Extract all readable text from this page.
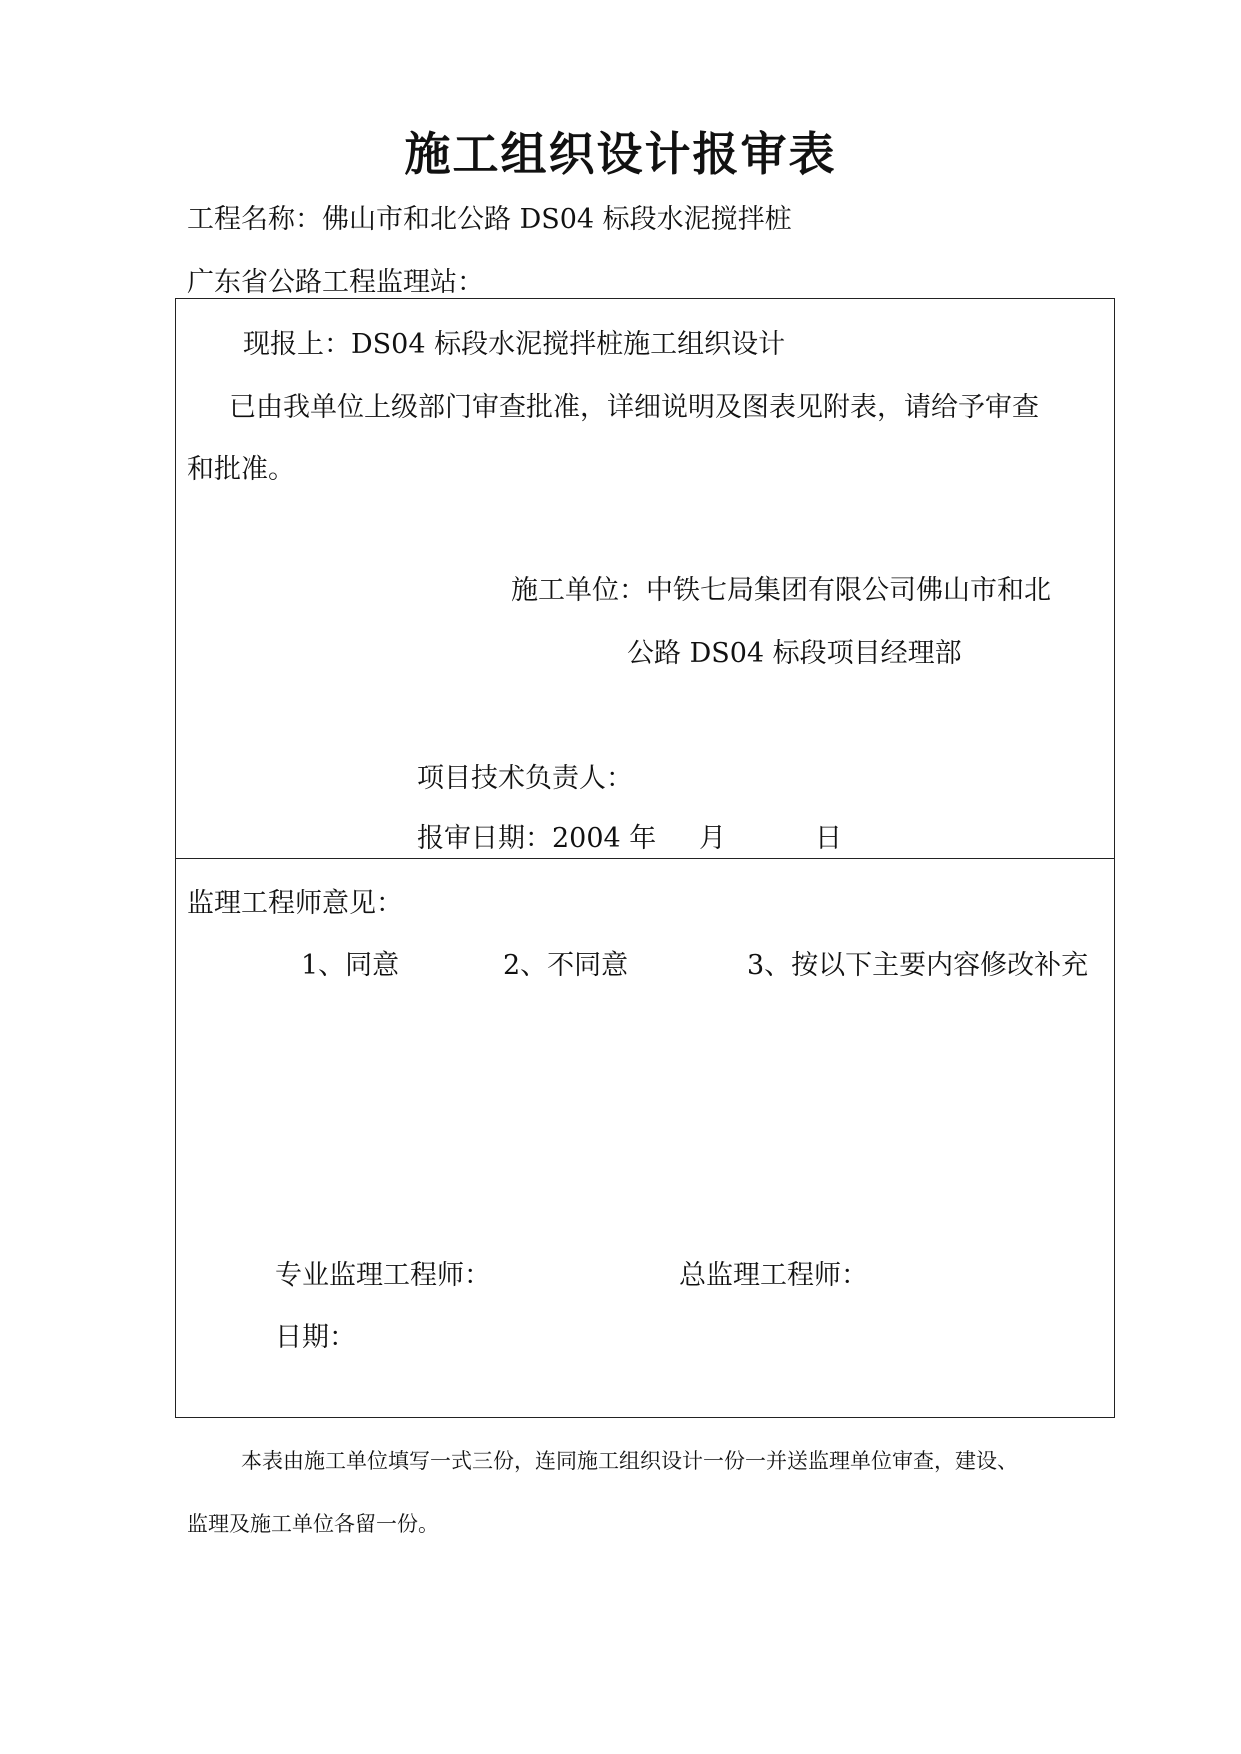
施工组织设计报审表
工程名称：佛山市和北公路 DS04 标段水泥搅拌桩
广东省公路工程监理站：
现报上：DS04 标段水泥搅拌桩施工组织设计
已由我单位上级部门审查批准，详细说明及图表见附表，请给予审查
和批准。
施工单位：中铁七局集团有限公司佛山市和北
公路 DS04 标段项目经理部
项目技术负责人：
报审日期：2004 年 月	日
监理工程师意见：
1、同意	2、不同意	3、按以下主要内容修改补充
专业监理工程师：	总监理工程师：
日期：
本表由施工单位填写一式三份，连同施工组织设计一份一并送监理单位审查，建设、
监理及施工单位各留一份。
